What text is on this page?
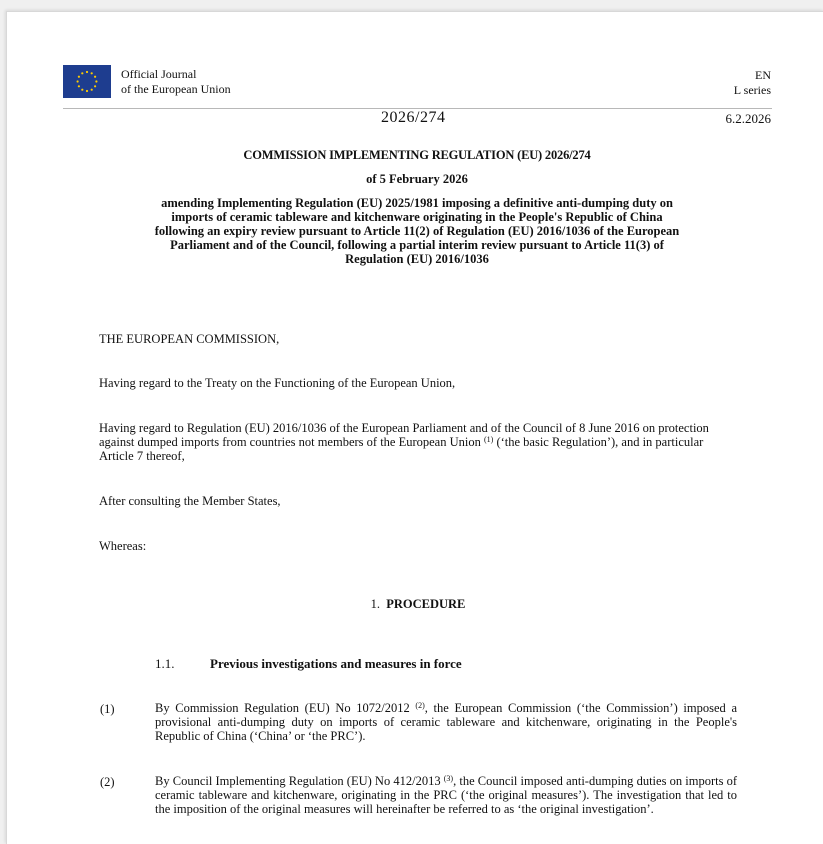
Official Journal
of the European Union
EN
L series
2026/274	6.2.2026
COMMISSION IMPLEMENTING REGULATION (EU) 2026/274
of 5 February 2026
amending Implementing Regulation (EU) 2025/1981 imposing a definitive anti-dumping duty on
imports of ceramic tableware and kitchenware originating in the People's Republic of China
following an expiry review pursuant to Article 11(2) of Regulation (EU) 2016/1036 of the European
Parliament and of the Council, following a partial interim review pursuant to Article 11(3) of
Regulation (EU) 2016/1036
THE EUROPEAN COMMISSION,
Having regard to the Treaty on the Functioning of the European Union,
Having regard to Regulation (EU) 2016/1036 of the European Parliament and of the Council of 8 June 2016 on protection
against dumped imports from countries not members of the European Union $^{(1)}$ (‘the basic Regulation’), and in particular
Article 7 thereof,
After consulting the Member States,
Whereas:
1. PROCEDURE
1.1.	Previous investigations and measures in force
(1)	By Commission Regulation (EU) No 1072/2012 $^{(2)}$, the European Commission (‘the Commission’) imposed a provisional anti-dumping duty on imports of ceramic tableware and kitchenware, originating in the People's Republic of China (‘China’ or ‘the PRC’).
(2)	By Council Implementing Regulation (EU) No 412/2013 $^{(3)}$, the Council imposed anti-dumping duties on imports of ceramic tableware and kitchenware, originating in the PRC (‘the original measures’). The investigation that led to the imposition of the original measures will hereinafter be referred to as ‘the original investigation’.
